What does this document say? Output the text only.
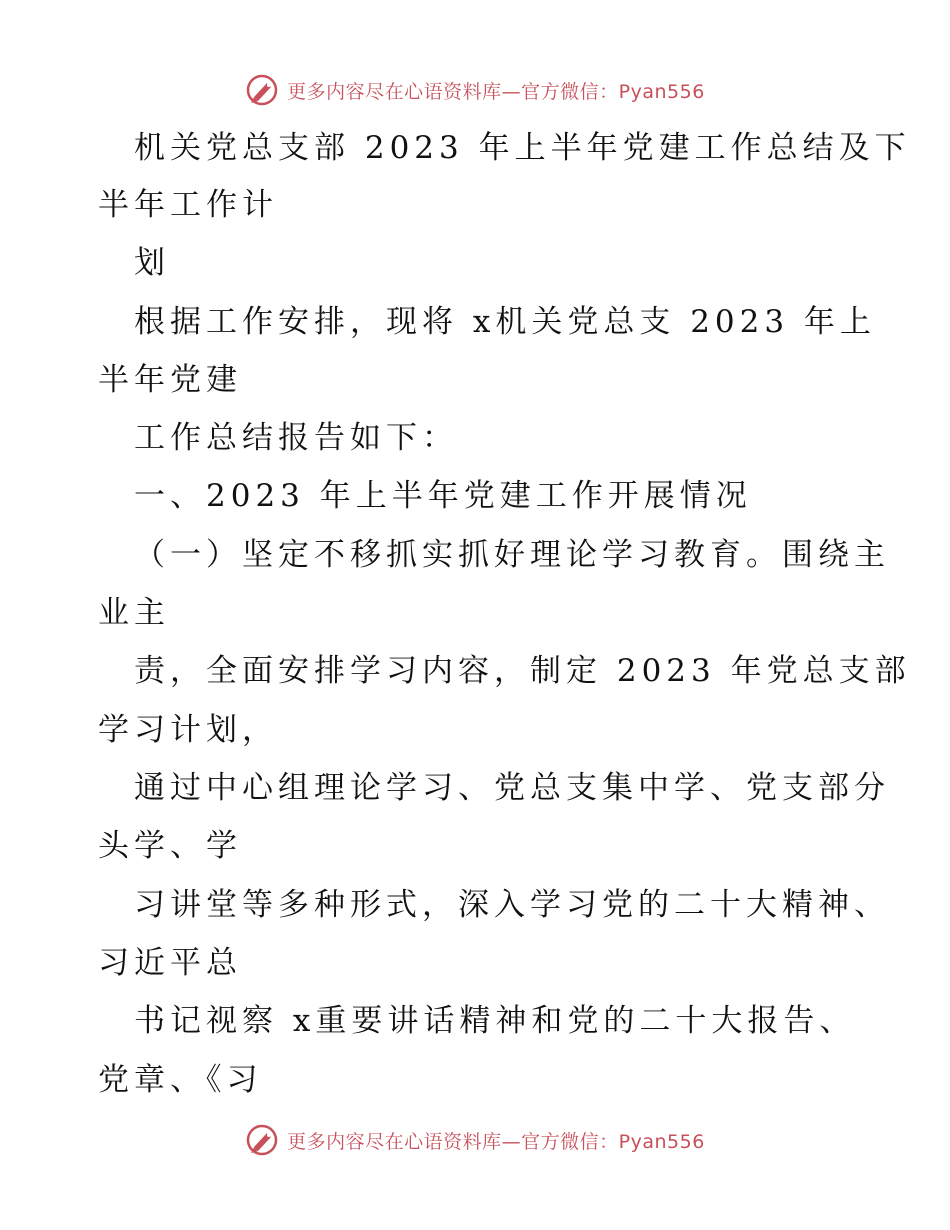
更多内容尽在心语资料库—官方微信：Pyan556
机关党总支部 2023 年上半年党建工作总结及下
半年工作计
划
根据工作安排，现将 x机关党总支 2023 年上
半年党建
工作总结报告如下：
一、2023 年上半年党建工作开展情况
（一）坚定不移抓实抓好理论学习教育。围绕主
业主
责，全面安排学习内容，制定 2023 年党总支部
学习计划，
通过中心组理论学习、党总支集中学、党支部分
头学、学
习讲堂等多种形式，深入学习党的二十大精神、
习近平总
书记视察 x重要讲话精神和党的二十大报告、
党章、《习
更多内容尽在心语资料库—官方微信：Pyan556
